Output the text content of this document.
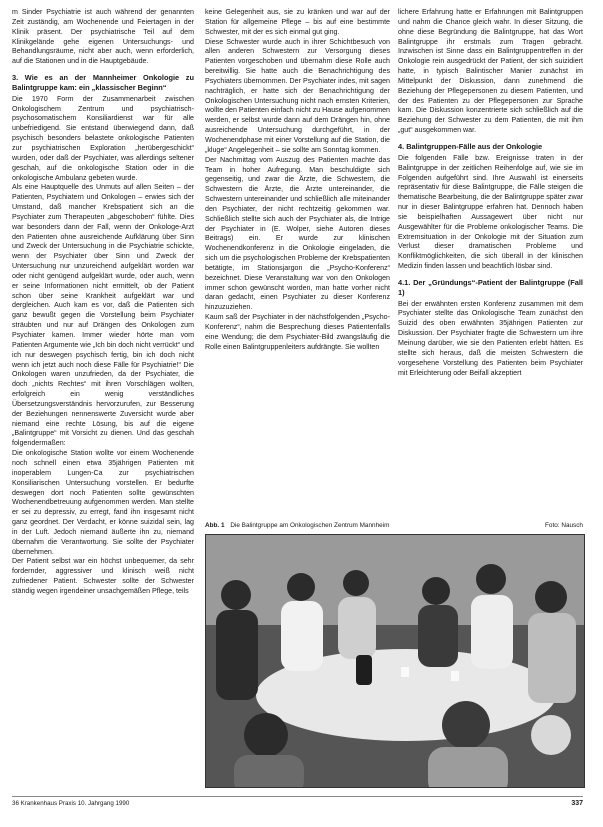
m Sinder Psychiatrie ist auch während der genannten Zeit zuständig, am Wochenende und Feiertagen in der Klinik präsent. Der psychiatrische Teil auf dem Klinikgelände gehe eigenen Untersuchungs- und Behandlungsräume, nicht aber auch, wenn erforderlich, auf die Stationen und in die Hauptgebäude.

3. Wie es an der Mannheimer Onkologie zu Balintgruppe kam: ein „klassischer Beginn“

Die 1970 Form der Zusammenarbeit zwischen Onkologischem Zentrum und psychiatrisch-psychosomatischem Konsiliardienst war für alle unbefriedigend. Sie entstand überwiegend dann, daß psychisch besonders belastete onkologische Patienten zur psychiatrischen Exploration „herübergeschickt“ wurden, oder daß der Psychiater, was allerdings seltener geschah, auf die onkologische Station oder in die onkologische Ambulanz gebeten wurde.

Als eine Hauptquelle des Unmuts auf allen Seiten – der Patienten, Psychiatern und Onkologen – erwies sich der Umstand, daß mancher Krebspatient sich an die Psychiater zum Therapeuten „abgeschoben“ fühlte. Dies war besonders dann der Fall, wenn der Onkologe-Arzt den Patienten ohne ausreichende Aufklärung über Sinn und Zweck der Untersuchung in die Psychiatrie schickte, wenn der Psychiater über Sinn und Zweck der Untersuchung nur unzureichend aufgeklärt worden war oder nicht genügend aufgeklärt wurde, oder auch, wenn er seine Informationen nicht ermittelt, ob der Patient schon über seine Krankheit aufgeklärt war und dergleichen. Auch kam es vor, daß die Patienten sich ganz bewußt gegen die Vorstellung beim Psychiater sträubten und nur auf Drängen des Onkologen zum Psychiater kamen. Immer wieder hörte man vom Patienten Argumente wie „Ich bin doch nicht verrückt“ und ich nur deswegen psychisch fertig, bin ich doch nicht wenn ich jetzt auch noch diese Fälle für Psychiatrie!“ Die Onkologen waren unzufrieden, da der Psychiater, die doch „nichts Rechtes“ mit ihren Vorschlägen wollten, erfolgreich ein wenig verständliches Übersetzungsverständnis hervorzurufen, zur Besserung der Beziehungen nennenswerte Zuversicht wurde aber niemand eine rechte Lösung, bis auf die eigene „Balintgruppe“ mit Vorsicht zu dienen. Und das geschah folgendermaßen:

Die onkologische Station wollte vor einem Wochenende noch schnell einen etwa 35jährigen Patienten mit inoperablem Lungen-Ca zur psychiatrischen Konsiliarischen Untersuchung vorstellen. Er bedurfte deswegen dort noch Patienten sollte gewünschten Wochenendbetreuung aufgenommen werden. Man stellte er sei zu depressiv, zu erregt, fand ihn insgesamt nicht ganz geordnet. Der Verdacht, er könne suizidal sein, lag in der Luft. Jedoch niemand äußerte ihn zu, niemand übernahm die Verantwortung. Sie sollte der Psychiater übernehmen.

Der Patient selbst war ein höchst unbequemer, da sehr fordernder, aggressiver und klinisch weiß nicht zufriedener Patient. Schwester sollte der Schwester ständig wegen irgendeiner unsachgemäßen Pflege, teils

keine Gelegenheit aus, sie zu kränken und war auf der Station für allgemeine Pflege – bis auf eine bestimmte Schwester, mit der es sich einmal gut ging.

Diese Schwester wurde auch in ihrer Schichtbesuch von allen anderen Schwestern zur Versorgung dieses Patienten vorgeschoben und übernahm diese Rolle auch bereitwillig. Sie hatte auch die Benachrichtigung des Psychiaters übernommen. Der Psychiater indes, mit sagen nachträglich, er hatte sich der Benachrichtigung der Onkologischen Untersuchung nicht nach ernsten Kriterien, wollte den Patienten einfach nicht zu Hause aufgenommen werden, er selbst wurde dann auf dem Drängen hin, ohne ausreichende Untersuchung durchgeführt, in der Wochenendphase mit einer Vorstellung auf die Station, die „kluge“ Angelegenheit – sie sollte am Sonntag kommen.

Der Nachmittag vom Auszug des Patienten machte das Team in hoher Aufregung. Man beschuldigte sich gegenseitig, und zwar die Ärzte, die Schwestern, die Schwestern die Ärzte, die Ärzte untereinander, die Schwestern untereinander und schließlich alle miteinander den Psychiater, der nicht rechtzeitig gekommen war. Schließlich stellte sich auch der Psychiater als, die Intrige der Psychiater in (E. Wolper, siehe Autoren dieses Beitrags) ein. Er wurde zur klinischen Wochenendkonferenz in die Onkologie eingeladen, die sich um die psychologischen Probleme der Krebspatienten betätigte, im Stationsjargon die „Psycho-Konferenz“ bezeichnet. Diese Veranstaltung war von den Onkologen immer schon gewünscht worden, man hatte vorher nicht daran gedacht, einen Psychiater zu dieser Konferenz hinzuzuziehen.

Kaum saß der Psychiater in der nächstfolgenden „Psycho-Konferenz“, nahm die Besprechung dieses Patientenfalls eine Wendung; die dem Psychiater-Bild zwangsläufig die Rolle einen Balintgruppenleiters aufdrängte. Sie wollten

lichere Erfahrung hatte er Erfahrungen mit Balintgruppen und nahm die Chance gleich wahr. In dieser Sitzung, die ohne diese Begründung die Balintgruppe, hat das Wort Balintgruppe ihr erstmals zum Tragen gebracht. Inzwischen ist Sinne dass ein Balintgruppentreffen in der Onkologie rein ausgedrückt der Patient, der sich suizidiert hatte, in typisch Balintischer Manier zunächst im Mittelpunkt der Diskussion, dann zunehmend die Beziehung der Pflegepersonen zu diesem Patienten, und der des Patienten zu der Pflegepersonen zur Sprache kam. Die Diskussion konzentrierte sich schließlich auf die Beziehung der Schwester zu dem Patienten, die mit ihm „gut“ ausgekommen war.

4. Balintgruppen-Fälle aus der Onkologie

Die folgenden Fälle bzw. Ereignisse traten in der Balintgruppe in der zeitlichen Reihenfolge auf, wie sie im Folgenden aufgeführt sind. Ihre Auswahl ist einerseits repräsentativ für diese Balintgruppe, die Fälle steigen die thematische Bearbeitung, die der Balintgruppe später zwar nur in dieser Balintgruppe erfahren hat. Dennoch haben sie beispielhaften Aussagewert über nicht nur Ausgewählter für die Probleme onkologischer Teams. Die Extremsituation in der Onkologie mit der Situation zum Verlust dieser dramatischen Probleme und Konfliktmöglichkeiten, die sich überall in der klinischen Medizin finden lassen und beachtlich lösbar sind.

4.1. Der „Gründungs“-Patient der Balintgruppe (Fall 1)

Bei der erwähnten ersten Konferenz zusammen mit dem Psychiater stellte das Onkologische Team zunächst den Suizid des oben erwähnten 35jährigen Patienten zur Diskussion. Der Psychiater fragte die Schwestern um ihre Meinung darüber, wie sie den Patienten erlebt hätten. Es stellte sich heraus, daß die meisten Schwestern die vorgesehene Vorstellung des Patienten beim Psychiater mit Erleichterung oder Beifall akzeptiert

Abb. 1 Die Balintgruppe am Onkologischen Zentrum Mannheim	Foto: Nausch
36 Krankenhaus Praxis 10. Jahrgang 1990	337
